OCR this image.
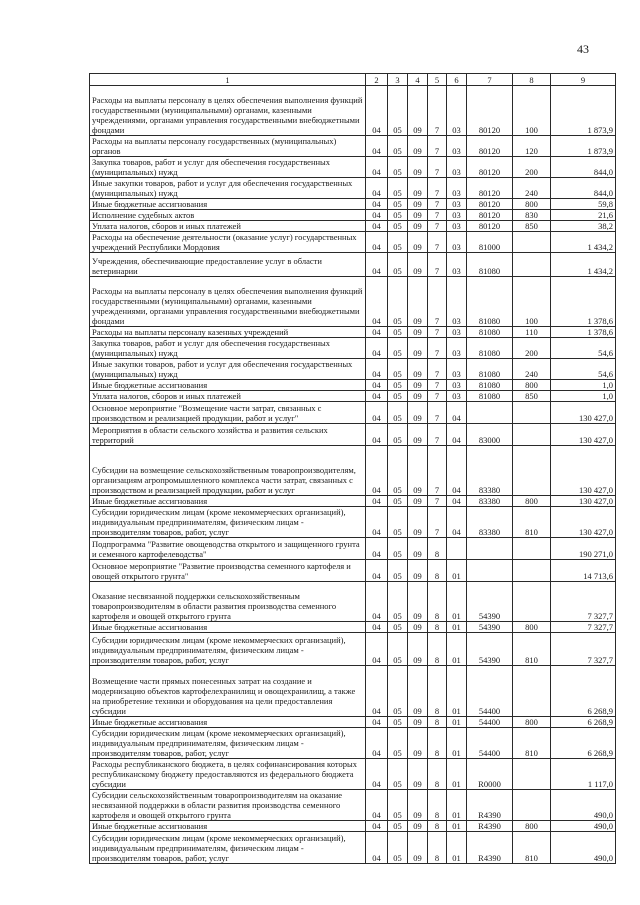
43
1	2	3	4	5	6	7	8	9
Расходы на выплаты персоналу в целях обеспечения выполнения функций государственными (муниципальными) органами, казенными учреждениями, органами управления государственными внебюджетными фондами	04	05	09	7	03	80120	100	1 873,9
Расходы на выплаты персоналу государственных (муниципальных) органов	04	05	09	7	03	80120	120	1 873,9
Закупка товаров, работ и услуг для обеспечения государственных (муниципальных) нужд	04	05	09	7	03	80120	200	844,0
Иные закупки товаров, работ и услуг для обеспечения государственных (муниципальных) нужд	04	05	09	7	03	80120	240	844,0
Иные бюджетные ассигнования	04	05	09	7	03	80120	800	59,8
Исполнение судебных актов	04	05	09	7	03	80120	830	21,6
Уплата налогов, сборов и иных платежей	04	05	09	7	03	80120	850	38,2
Расходы на обеспечение деятельности (оказание услуг) государственных учреждений Республики Мордовия	04	05	09	7	03	81000		1 434,2
Учреждения, обеспечивающие предоставление услуг в области ветеринарии	04	05	09	7	03	81080		1 434,2
Расходы на выплаты персоналу в целях обеспечения выполнения функций государственными (муниципальными) органами, казенными учреждениями, органами управления государственными внебюджетными фондами	04	05	09	7	03	81080	100	1 378,6
Расходы на выплаты персоналу казенных учреждений	04	05	09	7	03	81080	110	1 378,6
Закупка товаров, работ и услуг для обеспечения государственных (муниципальных) нужд	04	05	09	7	03	81080	200	54,6
Иные закупки товаров, работ и услуг для обеспечения государственных (муниципальных) нужд	04	05	09	7	03	81080	240	54,6
Иные бюджетные ассигнования	04	05	09	7	03	81080	800	1,0
Уплата налогов, сборов и иных платежей	04	05	09	7	03	81080	850	1,0
Основное мероприятие "Возмещение части затрат, связанных с производством и реализацией продукции, работ и услуг"	04	05	09	7	04			130 427,0
Мероприятия в области сельского хозяйства и развития сельских территорий	04	05	09	7	04	83000		130 427,0
Субсидии на возмещение сельскохозяйственным товаропроизводителям, организациям агропромышленного комплекса части затрат, связанных с производством и реализацией продукции, работ и услуг	04	05	09	7	04	83380		130 427,0
Иные бюджетные ассигнования	04	05	09	7	04	83380	800	130 427,0
Субсидии юридическим лицам (кроме некоммерческих организаций), индивидуальным предпринимателям, физическим лицам - производителям товаров, работ, услуг	04	05	09	7	04	83380	810	130 427,0
Подпрограмма "Развитие овощеводства открытого и защищенного грунта и семенного картофелеводства"	04	05	09	8				190 271,0
Основное мероприятие "Развитие производства семенного картофеля и овощей открытого грунта"	04	05	09	8	01			14 713,6
Оказание несвязанной поддержки сельскохозяйственным товаропроизводителям в области развития производства семенного картофеля и овощей открытого грунта	04	05	09	8	01	54390		7 327,7
Иные бюджетные ассигнования	04	05	09	8	01	54390	800	7 327,7
Субсидии юридическим лицам (кроме некоммерческих организаций), индивидуальным предпринимателям, физическим лицам - производителям товаров, работ, услуг	04	05	09	8	01	54390	810	7 327,7
Возмещение части прямых понесенных затрат на создание и модернизацию объектов картофелехранилищ и овощехранилищ, а также на приобретение техники и оборудования на цели предоставления субсидии	04	05	09	8	01	54400		6 268,9
Иные бюджетные ассигнования	04	05	09	8	01	54400	800	6 268,9
Субсидии юридическим лицам (кроме некоммерческих организаций), индивидуальным предпринимателям, физическим лицам - производителям товаров, работ, услуг	04	05	09	8	01	54400	810	6 268,9
Расходы республиканского бюджета, в целях софинансирования которых республиканскому бюджету предоставляются из федерального бюджета субсидии	04	05	09	8	01	R0000		1 117,0
Субсидии сельскохозяйственным товаропроизводителям на оказание несвязанной поддержки в области развития производства семенного картофеля и овощей открытого грунта	04	05	09	8	01	R4390		490,0
Иные бюджетные ассигнования	04	05	09	8	01	R4390	800	490,0
Субсидии юридическим лицам (кроме некоммерческих организаций), индивидуальным предпринимателям, физическим лицам - производителям товаров, работ, услуг	04	05	09	8	01	R4390	810	490,0
